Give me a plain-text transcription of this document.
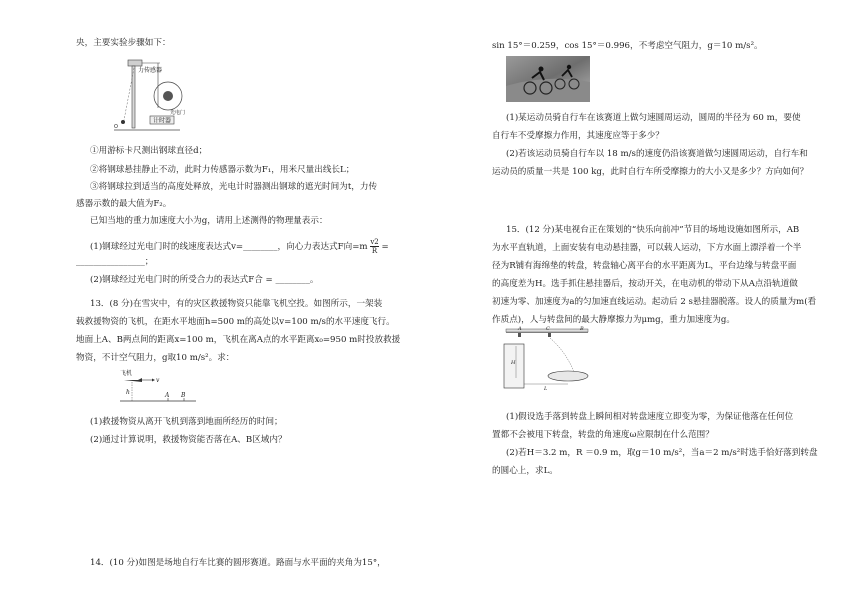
央，主要实验步骤如下：
力传感器
光电门
计时器
O
①用游标卡尺测出钢球直径d；
②将钢球悬挂静止不动，此时力传感器示数为F₁，用米尺量出线长L；
③将钢球拉到适当的高度处释放，光电计时器测出钢球的遮光时间为t，力传
感器示数的最大值为F₂。
已知当地的重力加速度大小为g，请用上述测得的物理量表示：
(1)钢球经过光电门时的线速度表达式v=________，向心力表达式F向$=m \frac{v2}{R}$ =
________________；
(2)钢球经过光电门时的所受合力的表达式F合 = ________。
13．(8 分)在雪灾中，有的灾区救援物资只能靠飞机空投。如图所示，一架装
载救援物资的飞机，在距水平地面h=500 m的高处以v=100 m/s的水平速度飞行。
地面上A、B两点间的距离x=100 m，飞机在离A点的水平距离x₀=950 m时投放救援
物资，不计空气阻力，g取10 m/s²。求：
飞机
v
h	A B
(1)救援物资从离开飞机到落到地面所经历的时间；
(2)通过计算说明，救援物资能否落在A、B区域内？
14．(10 分)如图是场地自行车比赛的圆形赛道。路面与水平面的夹角为15°，
sin 15°＝0.259，cos 15°＝0.996，不考虑空气阻力，g＝10 m/s²。
(1)某运动员骑自行车在该赛道上做匀速圆周运动，圆周的半径为 60 m，要使
自行车不受摩擦力作用，其速度应等于多少？
(2)若该运动员骑自行车以 18 m/s的速度仍沿该赛道做匀速圆周运动，自行车和
运动员的质量一共是 100 kg，此时自行车所受摩擦力的大小又是多少？方向如何？
15．(12 分)某电视台正在策划的“快乐向前冲”节目的场地设施如图所示，AB
为水平直轨道，上面安装有电动悬挂器，可以载人运动，下方水面上漂浮着一个半
径为R铺有海绵垫的转盘，转盘轴心离平台的水平距离为L，平台边缘与转盘平面
的高度差为H。选手抓住悬挂器后，按动开关，在电动机的带动下从A点沿轨道做
初速为零、加速度为a的匀加速直线运动。起动后 2 s悬挂器脱落。设人的质量为m(看
作质点)，人与转盘间的最大静摩擦力为μmg，重力加速度为g。
A	C	B
H
L
(1)假设选手落到转盘上瞬间相对转盘速度立即变为零，为保证他落在任何位
置都不会被甩下转盘，转盘的角速度ω应限制在什么范围？
(2)若H＝3.2 m，R ＝0.9 m，取g＝10 m/s²，当a＝2 m/s²时选手恰好落到转盘
的圆心上，求L。
